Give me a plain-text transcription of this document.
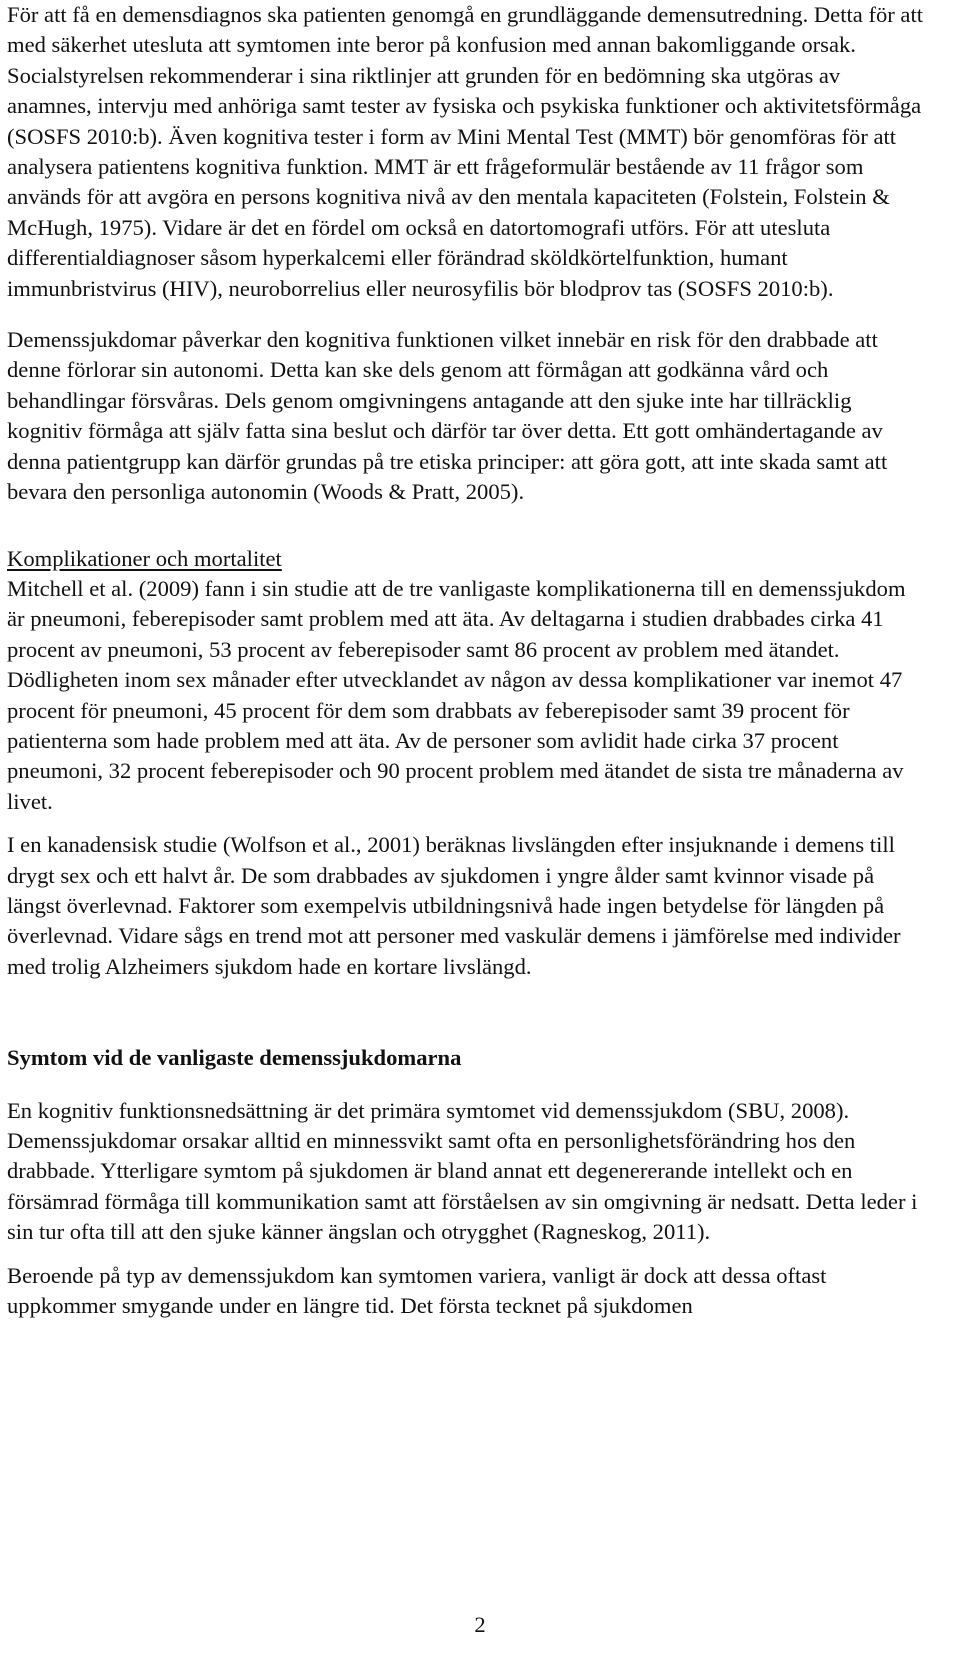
För att få en demensdiagnos ska patienten genomgå en grundläggande demensutredning. Detta för att med säkerhet utesluta att symtomen inte beror på konfusion med annan bakomliggande orsak. Socialstyrelsen rekommenderar i sina riktlinjer att grunden för en bedömning ska utgöras av anamnes, intervju med anhöriga samt tester av fysiska och psykiska funktioner och aktivitetsförmåga (SOSFS 2010:b). Även kognitiva tester i form av Mini Mental Test (MMT) bör genomföras för att analysera patientens kognitiva funktion. MMT är ett frågeformulär bestående av 11 frågor som används för att avgöra en persons kognitiva nivå av den mentala kapaciteten (Folstein, Folstein & McHugh, 1975). Vidare är det en fördel om också en datortomografi utförs. För att utesluta differentialdiagnoser såsom hyperkalcemi eller förändrad sköldkörtelfunktion, humant immunbristvirus (HIV), neuroborrelius eller neurosyfilis bör blodprov tas (SOSFS 2010:b).

Demenssjukdomar påverkar den kognitiva funktionen vilket innebär en risk för den drabbade att denne förlorar sin autonomi. Detta kan ske dels genom att förmågan att godkänna vård och behandlingar försvåras. Dels genom omgivningens antagande att den sjuke inte har tillräcklig kognitiv förmåga att själv fatta sina beslut och därför tar över detta. Ett gott omhändertagande av denna patientgrupp kan därför grundas på tre etiska principer: att göra gott, att inte skada samt att bevara den personliga autonomin (Woods & Pratt, 2005).

Komplikationer och mortalitet

Mitchell et al. (2009) fann i sin studie att de tre vanligaste komplikationerna till en demenssjukdom är pneumoni, feberepisoder samt problem med att äta. Av deltagarna i studien drabbades cirka 41 procent av pneumoni, 53 procent av feberepisoder samt 86 procent av problem med ätandet. Dödligheten inom sex månader efter utvecklandet av någon av dessa komplikationer var inemot 47 procent för pneumoni, 45 procent för dem som drabbats av feberepisoder samt 39 procent för patienterna som hade problem med att äta. Av de personer som avlidit hade cirka 37 procent pneumoni, 32 procent feberepisoder och 90 procent problem med ätandet de sista tre månaderna av livet.

I en kanadensisk studie (Wolfson et al., 2001) beräknas livslängden efter insjuknande i demens till drygt sex och ett halvt år. De som drabbades av sjukdomen i yngre ålder samt kvinnor visade på längst överlevnad. Faktorer som exempelvis utbildningsnivå hade ingen betydelse för längden på överlevnad. Vidare sågs en trend mot att personer med vaskulär demens i jämförelse med individer med trolig Alzheimers sjukdom hade en kortare livslängd.

Symtom vid de vanligaste demenssjukdomarna

En kognitiv funktionsnedsättning är det primära symtomet vid demenssjukdom (SBU, 2008). Demenssjukdomar orsakar alltid en minnessvikt samt ofta en personlighetsförändring hos den drabbade. Ytterligare symtom på sjukdomen är bland annat ett degenererande intellekt och en försämrad förmåga till kommunikation samt att förståelsen av sin omgivning är nedsatt. Detta leder i sin tur ofta till att den sjuke känner ängslan och otrygghet (Ragneskog, 2011).

Beroende på typ av demenssjukdom kan symtomen variera, vanligt är dock att dessa oftast uppkommer smygande under en längre tid. Det första tecknet på sjukdomen

2
